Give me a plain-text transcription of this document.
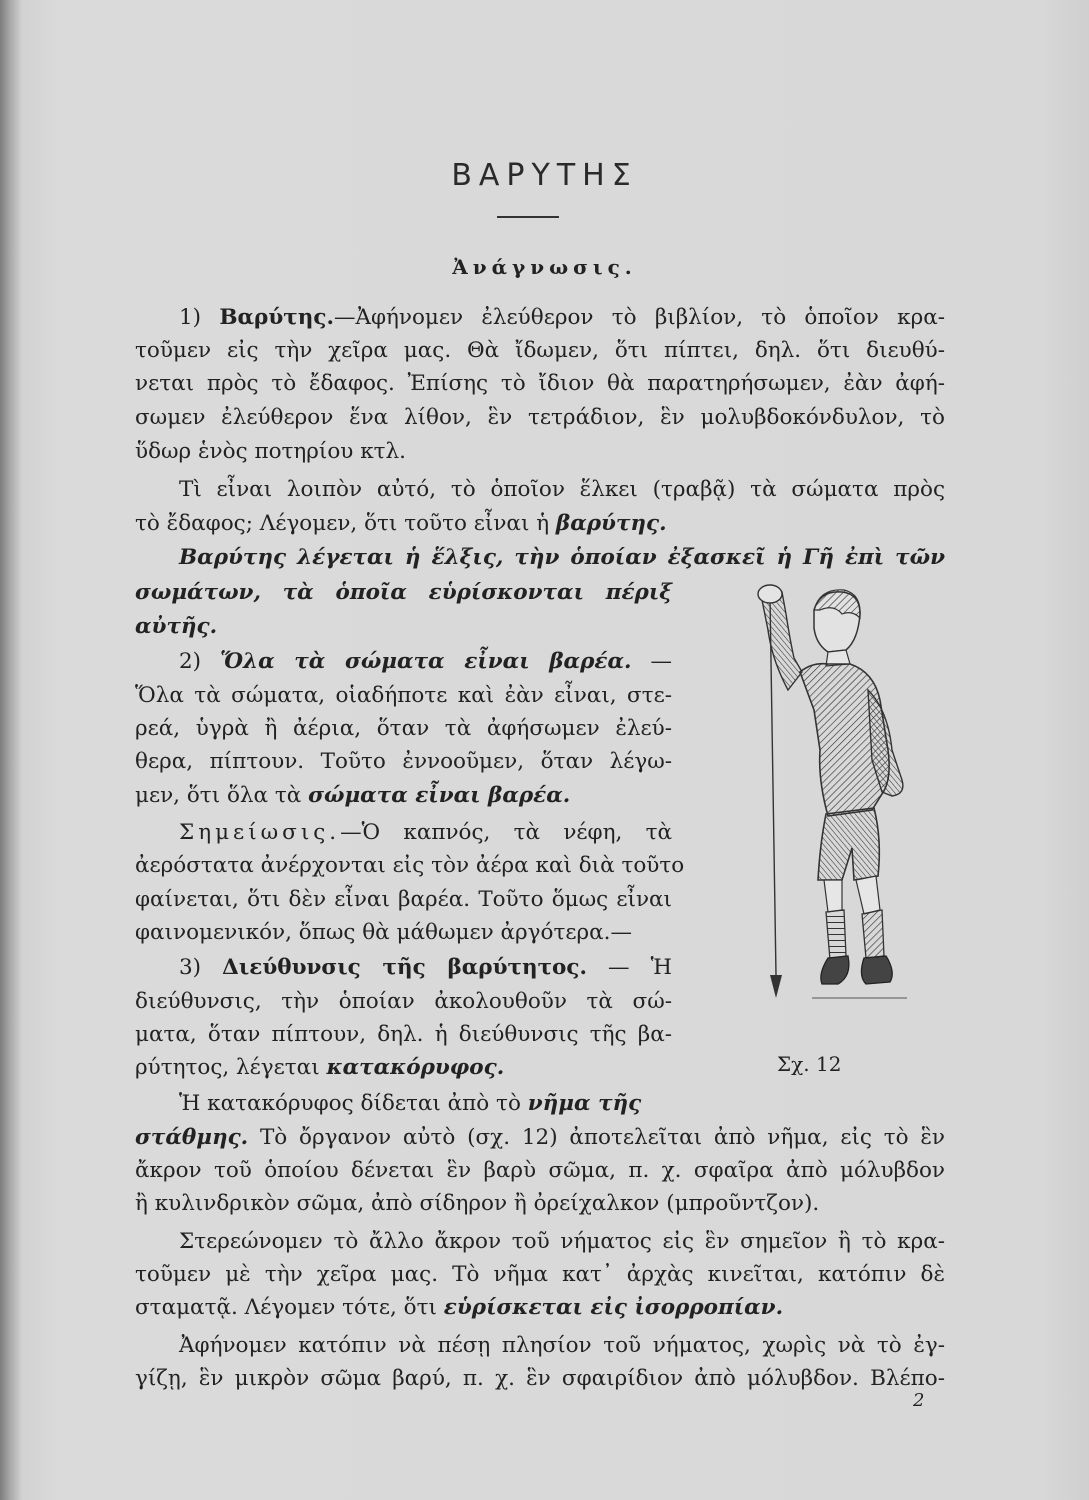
ΒΑΡΥΤΗΣ
Ἀνάγνωσις.
1) Βαρύτης.—Ἀφήνομεν ἐλεύθερον τὸ βιβλίον, τὸ ὁποῖον κρα-
τοῦμεν εἰς τὴν χεῖρα μας. Θὰ ἴδωμεν, ὅτι πίπτει, δηλ. ὅτι διευθύ-
νεται πρὸς τὸ ἔδαφος. Ἐπίσης τὸ ἴδιον θὰ παρατηρήσωμεν, ἐὰν ἀφή-
σωμεν ἐλεύθερον ἕνα λίθον, ἓν τετράδιον, ἓν μολυβδοκόνδυλον, τὸ
ὕδωρ ἑνὸς ποτηρίου κτλ.
Τὶ εἶναι λοιπὸν αὐτό, τὸ ὁποῖον ἕλκει (τραβᾷ) τὰ σώματα πρὸς
τὸ ἔδαφος; Λέγομεν, ὅτι τοῦτο εἶναι ἡ βαρύτης.
Βαρύτης λέγεται ἡ ἕλξις, τὴν ὁποίαν ἐξασκεῖ ἡ Γῆ ἐπὶ τῶν
σωμάτων, τὰ ὁποῖα εὑρίσκονται πέριξ
αὐτῆς.
2) Ὅλα τὰ σώματα εἶναι βαρέα. —
Ὅλα τὰ σώματα, οἱαδήποτε καὶ ἐὰν εἶναι, στε-
ρεά, ὑγρὰ ἢ ἀέρια, ὅταν τὰ ἀφήσωμεν ἐλεύ-
θερα, πίπτουν. Τοῦτο ἐννοοῦμεν, ὅταν λέγω-
μεν, ὅτι ὅλα τὰ σώματα εἶναι βαρέα.
Σημείωσις.—Ὁ καπνός, τὰ νέφη, τὰ
ἀερόστατα ἀνέρχονται εἰς τὸν ἀέρα καὶ διὰ τοῦτο
φαίνεται, ὅτι δὲν εἶναι βαρέα. Τοῦτο ὅμως εἶναι
φαινομενικόν, ὅπως θὰ μάθωμεν ἀργότερα.—
3) Διεύθυνσις τῆς βαρύτητος. — Ἡ
διεύθυνσις, τὴν ὁποίαν ἀκολουθοῦν τὰ σώ-
ματα, ὅταν πίπτουν, δηλ. ἡ διεύθυνσις τῆς βα-
ρύτητος, λέγεται κατακόρυφος.
Ἡ κατακόρυφος δίδεται ἀπὸ τὸ νῆμα τῆς
στάθμης. Τὸ ὄργανον αὐτὸ (σχ. 12) ἀποτελεῖται ἀπὸ νῆμα, εἰς τὸ ἓν
ἄκρον τοῦ ὁποίου δένεται ἓν βαρὺ σῶμα, π. χ. σφαῖρα ἀπὸ μόλυβδον
ἢ κυλινδρικὸν σῶμα, ἀπὸ σίδηρον ἢ ὀρείχαλκον (μπροῦντζον).
Στερεώνομεν τὸ ἄλλο ἄκρον τοῦ νήματος εἰς ἓν σημεῖον ἢ τὸ κρα-
τοῦμεν μὲ τὴν χεῖρα μας. Τὸ νῆμα κατ᾽ ἀρχὰς κινεῖται, κατόπιν δὲ
σταματᾷ. Λέγομεν τότε, ὅτι εὑρίσκεται εἰς ἰσορροπίαν.
Ἀφήνομεν κατόπιν νὰ πέσῃ πλησίον τοῦ νήματος, χωρὶς νὰ τὸ ἐγ-
γίζῃ, ἓν μικρὸν σῶμα βαρύ, π. χ. ἓν σφαιρίδιον ἀπὸ μόλυβδον. Βλέπο-
Σχ. 12
2
